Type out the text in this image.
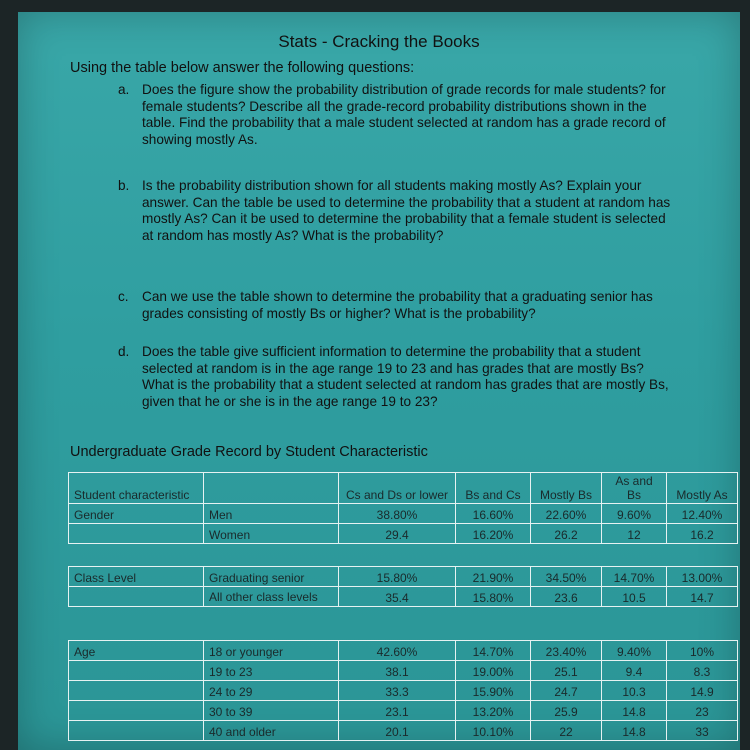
Stats - Cracking the Books
Using the table below answer the following questions:
a. Does the figure show the probability distribution of grade records for male students? for female students? Describe all the grade-record probability distributions shown in the table. Find the probability that a male student selected at random has a grade record of showing mostly As.
b. Is the probability distribution shown for all students making mostly As? Explain your answer. Can the table be used to determine the probability that a student at random has mostly As? Can it be used to determine the probability that a female student is selected at random has mostly As? What is the probability?
c. Can we use the table shown to determine the probability that a graduating senior has grades consisting of mostly Bs or higher? What is the probability?
d. Does the table give sufficient information to determine the probability that a student selected at random is in the age range 19 to 23 and has grades that are mostly Bs? What is the probability that a student selected at random has grades that are mostly Bs, given that he or she is in the age range 19 to 23?
Undergraduate Grade Record by Student Characteristic
Student characteristic		Cs and Ds or lower	Bs and Cs	Mostly Bs	As and Bs	Mostly As
Gender	Men	38.80%	16.60%	22.60%	9.60%	12.40%
	Women	29.4	16.20%	26.2	12	16.2
Class Level	Graduating senior	15.80%	21.90%	34.50%	14.70%	13.00%
	All other class levels	35.4	15.80%	23.6	10.5	14.7
Age	18 or younger	42.60%	14.70%	23.40%	9.40%	10%
	19 to 23	38.1	19.00%	25.1	9.4	8.3
	24 to 29	33.3	15.90%	24.7	10.3	14.9
	30 to 39	23.1	13.20%	25.9	14.8	23
	40 and older	20.1	10.10%	22	14.8	33
